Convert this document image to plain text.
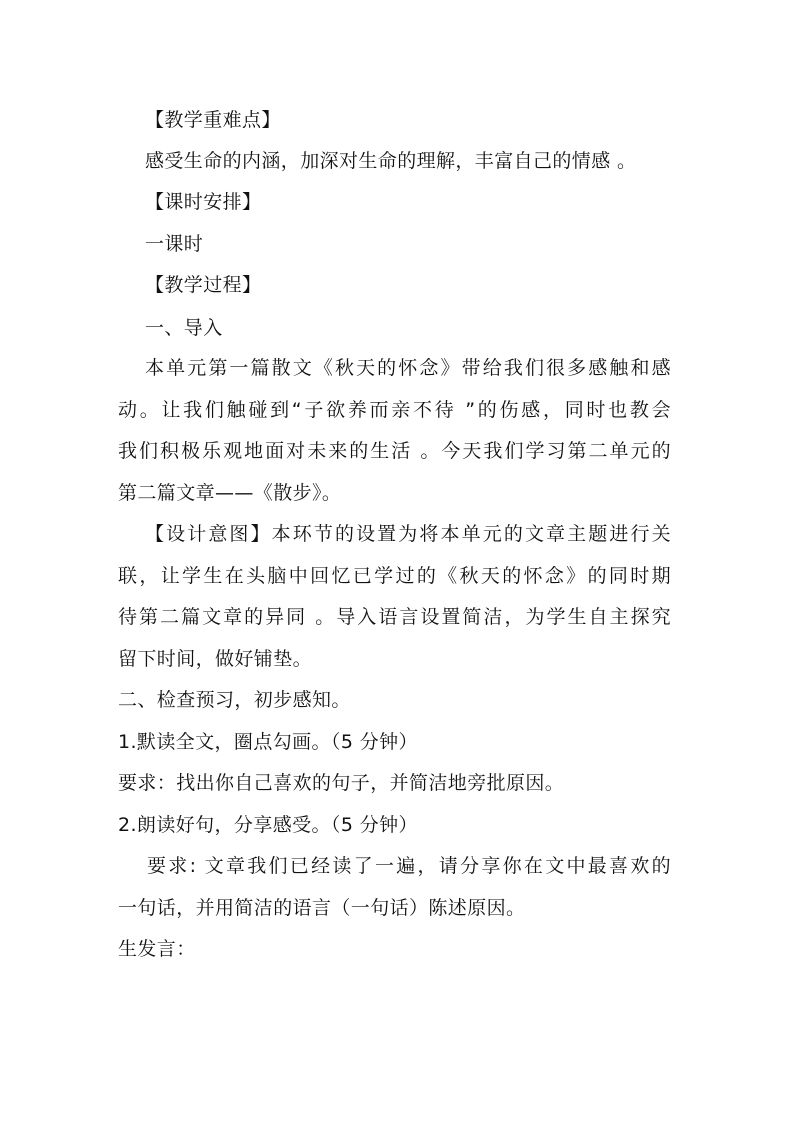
【教学重难点】
感受生命的内涵，加深对生命的理解，丰富自己的情感 。
【课时安排】
一课时
【教学过程】
一、导入
本单元第一篇散文《秋天的怀念》带给我们很多感触和感
动。让我们触碰到“子欲养而亲不待 ”的伤感，同时也教会
我们积极乐观地面对未来的生活 。今天我们学习第二单元的
第二篇文章——《散步》。
【设计意图】本环节的设置为将本单元的文章主题进行关
联，让学生在头脑中回忆已学过的《秋天的怀念》的同时期
待第二篇文章的异同 。导入语言设置简洁，为学生自主探究
留下时间，做好铺垫。
二、检查预习，初步感知。
1.默读全文，圈点勾画。（5 分钟）
要求：找出你自己喜欢的句子，并简洁地旁批原因。
2.朗读好句，分享感受。（5 分钟）
要求: 文章我们已经读了一遍，请分享你在文中最喜欢的
一句话，并用简洁的语言（一句话）陈述原因。
生发言：
